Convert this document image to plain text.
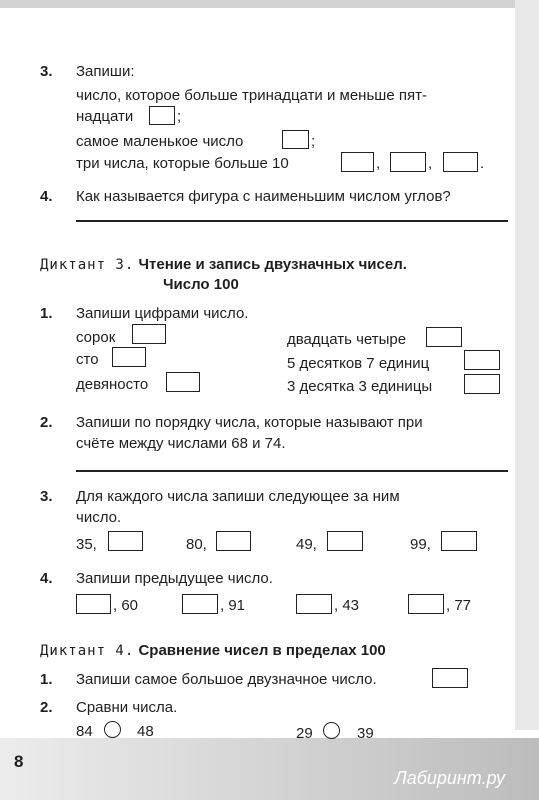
3. Запиши:
число, которое больше тринадцати и меньше пят-
надцати	;
самое маленькое число	;
три числа, которые больше 10	,	,	.
4. Как называется фигура с наименьшим числом углов?
Диктант 3. Чтение и запись двузначных чисел.
Число 100
1. Запиши цифрами число.
сорок
сто
девяносто
двадцать четыре
5 десятков 7 единиц
3 десятка 3 единицы
2. Запиши по порядку числа, которые называют при
счёте между числами 68 и 74.
3. Для каждого числа запиши следующее за ним
число.
35,	80,	49,	99,
4. Запиши предыдущее число.
, 60	, 91	, 43	, 77
Диктант 4. Сравнение чисел в пределах 100
1. Запиши самое большое двузначное число.
2. Сравни числа.
84	48	29	39
8
Лабиринт.ру
